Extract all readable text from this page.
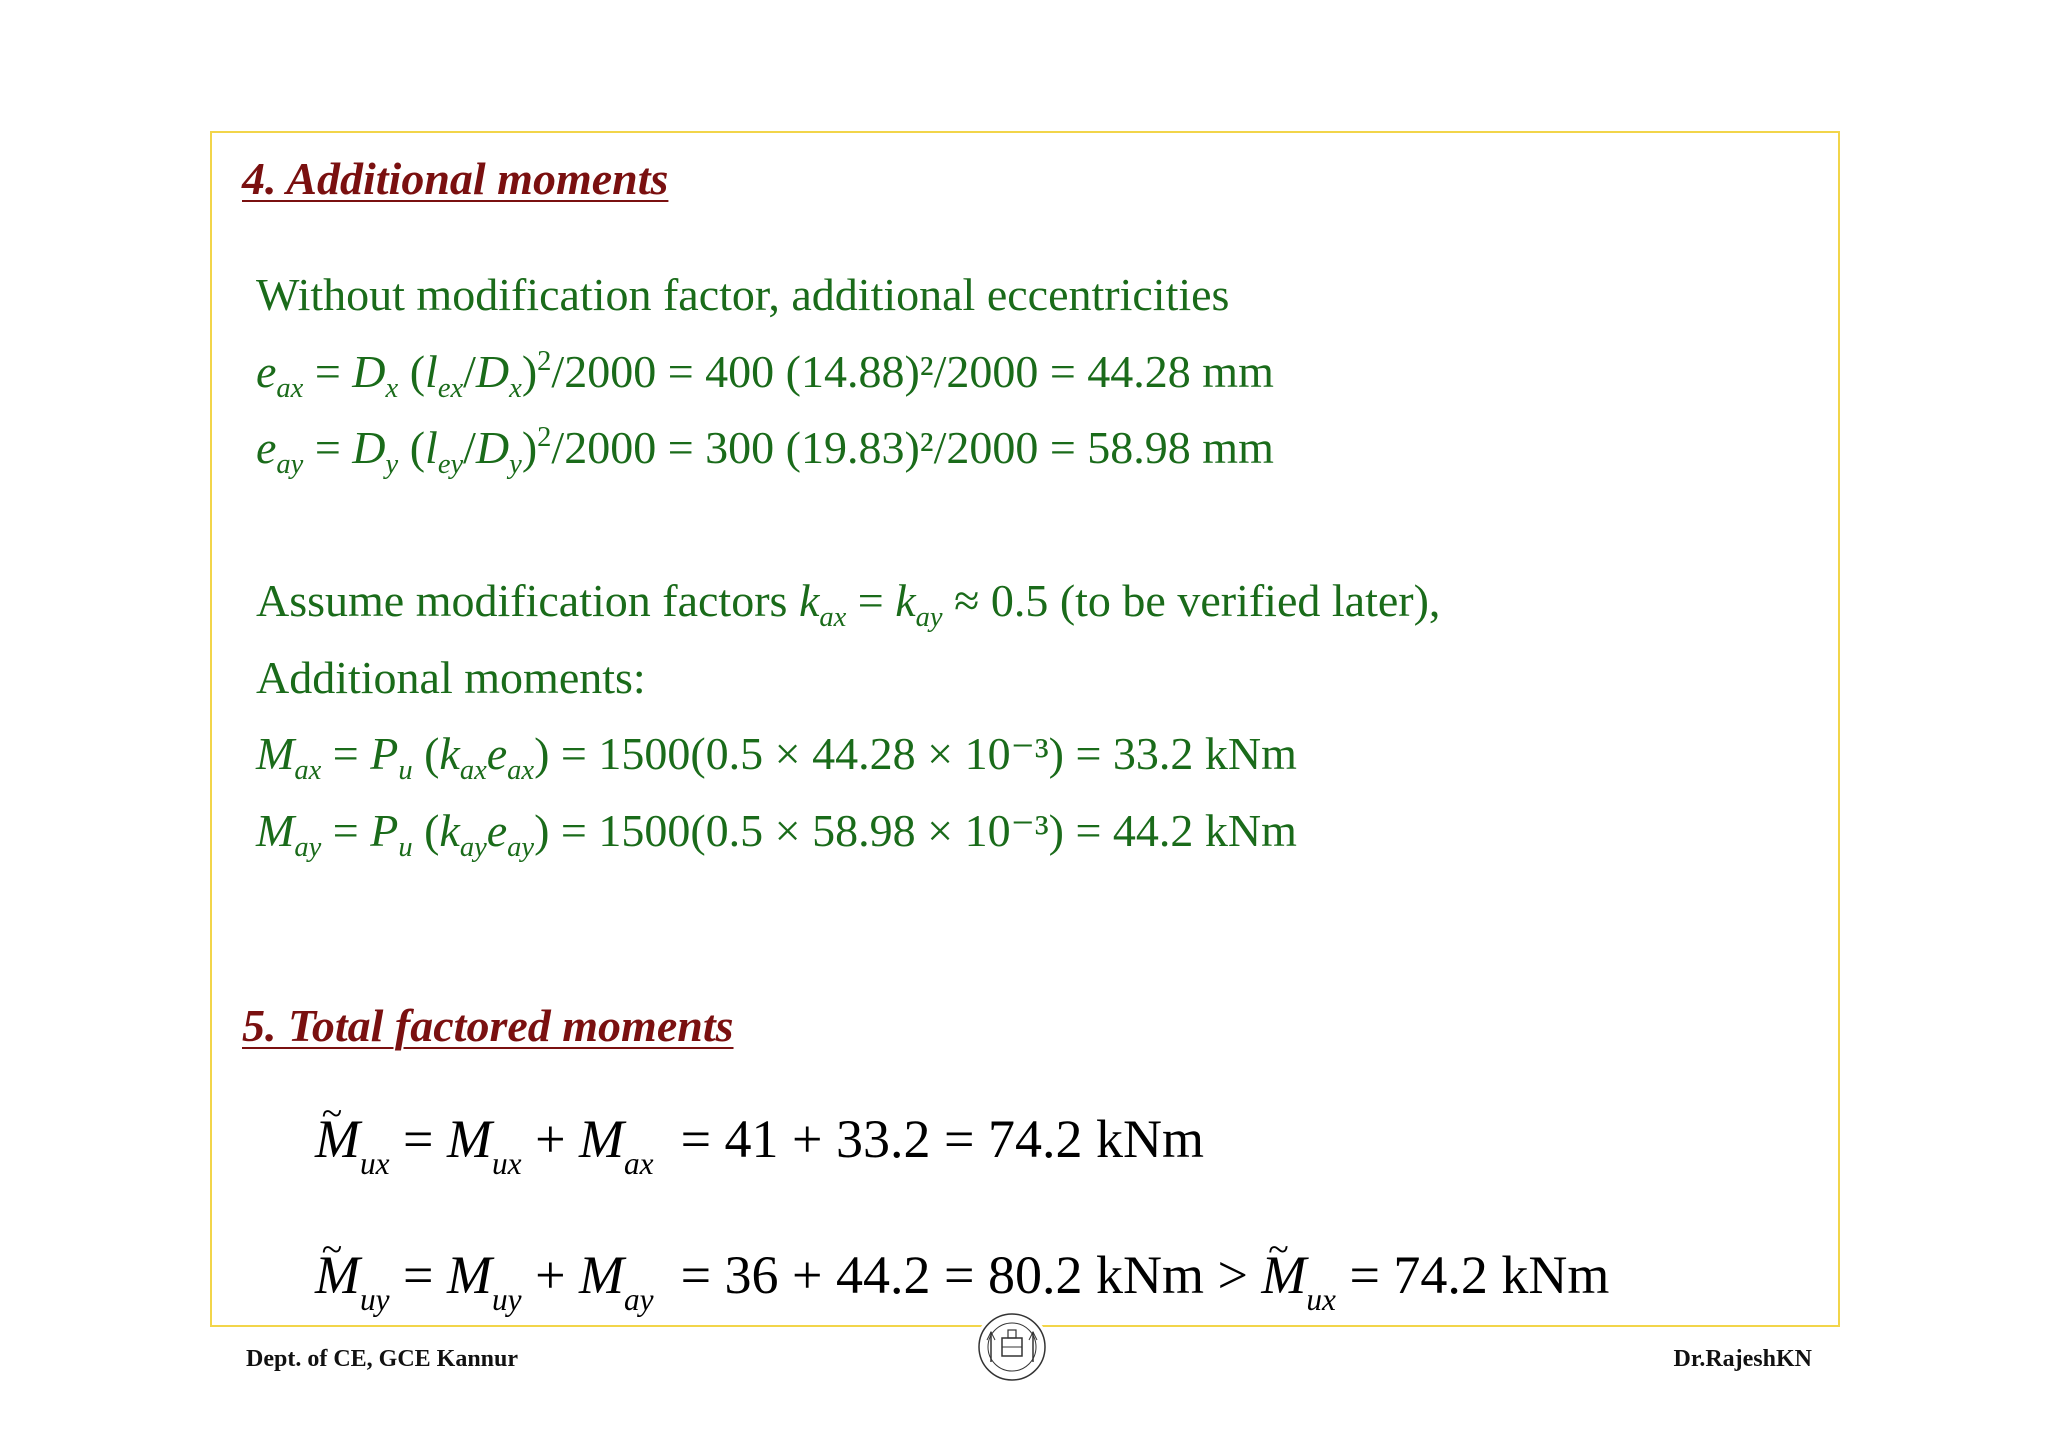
4. Additional moments

Without modification factor, additional eccentricities

$e_{ax} = D_x$ $(l_{ex}/D_x)^2/2000 = 400$ (14.88)²/2000 = 44.28 mm

$e_{ay} = D_y$ $(l_{ey}/D_y)^2/2000 = 300$ (19.83)²/2000 = 58.98 mm

Assume modification factors $k_{ax} = k_{ay} \approx 0.5$ (to be verified later),

Additional moments:

$M_{ax} = P_u$ $(k_{ax}e_{ax}) = 1500(0.5 \times 44.28 \times 10^{-3}) = 33.2$ kNm

$M_{ay} = P_u$ $(k_{ay}e_{ay}) = 1500(0.5 \times 58.98 \times 10^{-3}) = 44.2$ kNm

5. Total factored moments

~ $M_{ux} = M_{ux} + M_{ax} = 41 + 33.2 = 74.2$ kNm

~ $M_{uy} = M_{uy} + M_{ay} = 36 + 44.2 = 80.2$ kNm > ~ $M_{ux} = 74.2$ kNm

Dept. of CE, GCE Kannur	Dr.RajeshKN
